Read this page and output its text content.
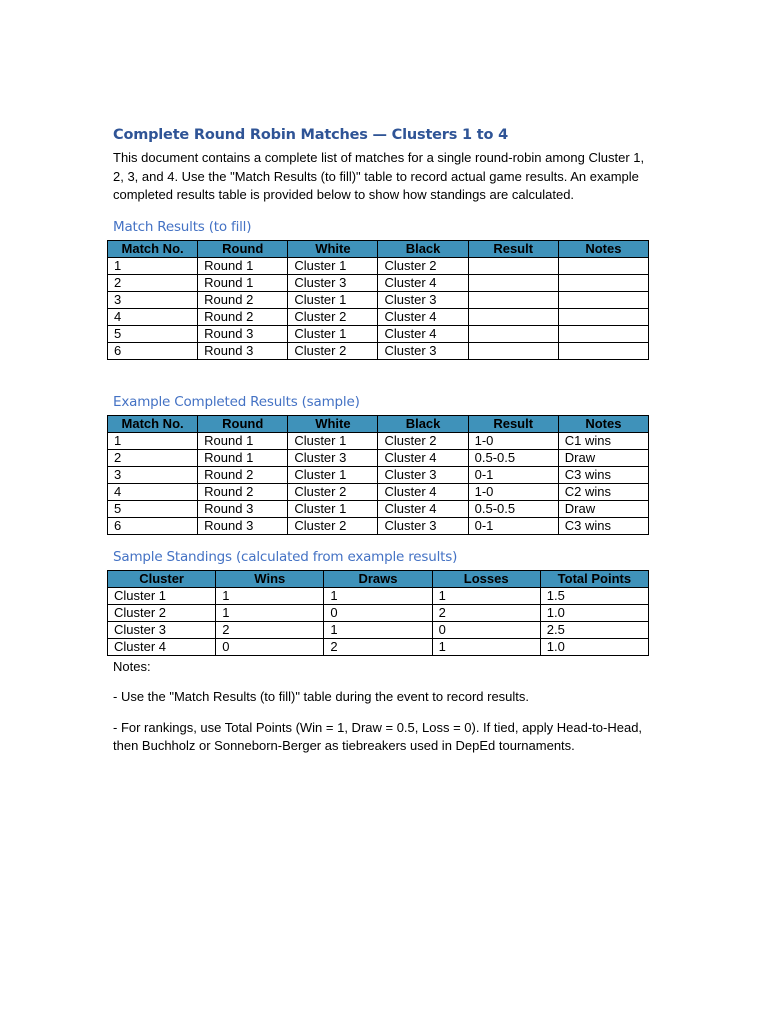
Complete Round Robin Matches — Clusters 1 to 4

This document contains a complete list of matches for a single round-robin among Cluster 1, 2, 3, and 4. Use the "Match Results (to fill)" table to record actual game results. An example completed results table is provided below to show how standings are calculated.

Match Results (to fill)
Match No.	Round	White	Black	Result	Notes
1	Round 1	Cluster 1	Cluster 2		
2	Round 1	Cluster 3	Cluster 4		
3	Round 2	Cluster 1	Cluster 3		
4	Round 2	Cluster 2	Cluster 4		
5	Round 3	Cluster 1	Cluster 4		
6	Round 3	Cluster 2	Cluster 3		
Example Completed Results (sample)
Match No.	Round	White	Black	Result	Notes
1	Round 1	Cluster 1	Cluster 2	1-0	C1 wins
2	Round 1	Cluster 3	Cluster 4	0.5-0.5	Draw
3	Round 2	Cluster 1	Cluster 3	0-1	C3 wins
4	Round 2	Cluster 2	Cluster 4	1-0	C2 wins
5	Round 3	Cluster 1	Cluster 4	0.5-0.5	Draw
6	Round 3	Cluster 2	Cluster 3	0-1	C3 wins
Sample Standings (calculated from example results)
Cluster	Wins	Draws	Losses	Total Points
Cluster 1	1	1	1	1.5
Cluster 2	1	0	2	1.0
Cluster 3	2	1	0	2.5
Cluster 4	0	2	1	1.0

Notes:

- Use the "Match Results (to fill)" table during the event to record results.

- For rankings, use Total Points (Win = 1, Draw = 0.5, Loss = 0). If tied, apply Head-to-Head, then Buchholz or Sonneborn-Berger as tiebreakers used in DepEd tournaments.
